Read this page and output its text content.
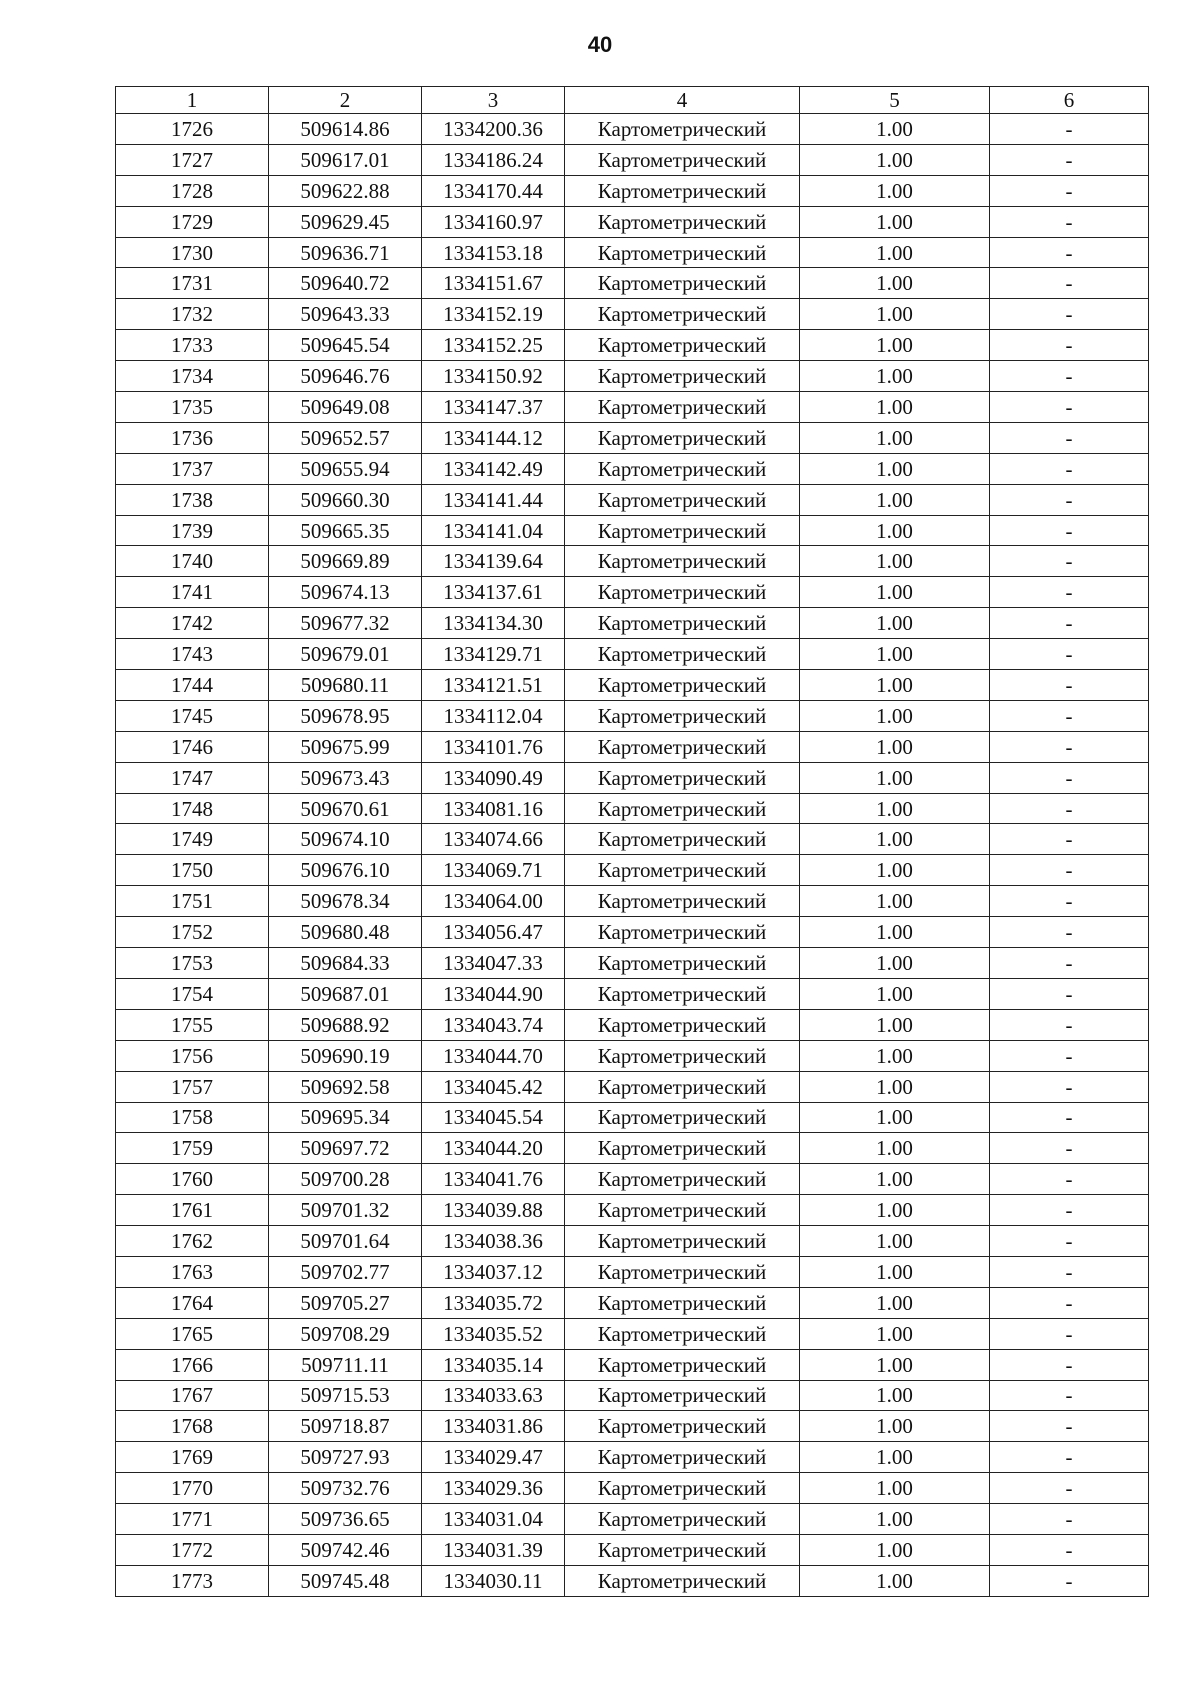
40
1	2	3	4	5	6
1726	509614.86	1334200.36	Картометрический	1.00	-
1727	509617.01	1334186.24	Картометрический	1.00	-
1728	509622.88	1334170.44	Картометрический	1.00	-
1729	509629.45	1334160.97	Картометрический	1.00	-
1730	509636.71	1334153.18	Картометрический	1.00	-
1731	509640.72	1334151.67	Картометрический	1.00	-
1732	509643.33	1334152.19	Картометрический	1.00	-
1733	509645.54	1334152.25	Картометрический	1.00	-
1734	509646.76	1334150.92	Картометрический	1.00	-
1735	509649.08	1334147.37	Картометрический	1.00	-
1736	509652.57	1334144.12	Картометрический	1.00	-
1737	509655.94	1334142.49	Картометрический	1.00	-
1738	509660.30	1334141.44	Картометрический	1.00	-
1739	509665.35	1334141.04	Картометрический	1.00	-
1740	509669.89	1334139.64	Картометрический	1.00	-
1741	509674.13	1334137.61	Картометрический	1.00	-
1742	509677.32	1334134.30	Картометрический	1.00	-
1743	509679.01	1334129.71	Картометрический	1.00	-
1744	509680.11	1334121.51	Картометрический	1.00	-
1745	509678.95	1334112.04	Картометрический	1.00	-
1746	509675.99	1334101.76	Картометрический	1.00	-
1747	509673.43	1334090.49	Картометрический	1.00	-
1748	509670.61	1334081.16	Картометрический	1.00	-
1749	509674.10	1334074.66	Картометрический	1.00	-
1750	509676.10	1334069.71	Картометрический	1.00	-
1751	509678.34	1334064.00	Картометрический	1.00	-
1752	509680.48	1334056.47	Картометрический	1.00	-
1753	509684.33	1334047.33	Картометрический	1.00	-
1754	509687.01	1334044.90	Картометрический	1.00	-
1755	509688.92	1334043.74	Картометрический	1.00	-
1756	509690.19	1334044.70	Картометрический	1.00	-
1757	509692.58	1334045.42	Картометрический	1.00	-
1758	509695.34	1334045.54	Картометрический	1.00	-
1759	509697.72	1334044.20	Картометрический	1.00	-
1760	509700.28	1334041.76	Картометрический	1.00	-
1761	509701.32	1334039.88	Картометрический	1.00	-
1762	509701.64	1334038.36	Картометрический	1.00	-
1763	509702.77	1334037.12	Картометрический	1.00	-
1764	509705.27	1334035.72	Картометрический	1.00	-
1765	509708.29	1334035.52	Картометрический	1.00	-
1766	509711.11	1334035.14	Картометрический	1.00	-
1767	509715.53	1334033.63	Картометрический	1.00	-
1768	509718.87	1334031.86	Картометрический	1.00	-
1769	509727.93	1334029.47	Картометрический	1.00	-
1770	509732.76	1334029.36	Картометрический	1.00	-
1771	509736.65	1334031.04	Картометрический	1.00	-
1772	509742.46	1334031.39	Картометрический	1.00	-
1773	509745.48	1334030.11	Картометрический	1.00	-
